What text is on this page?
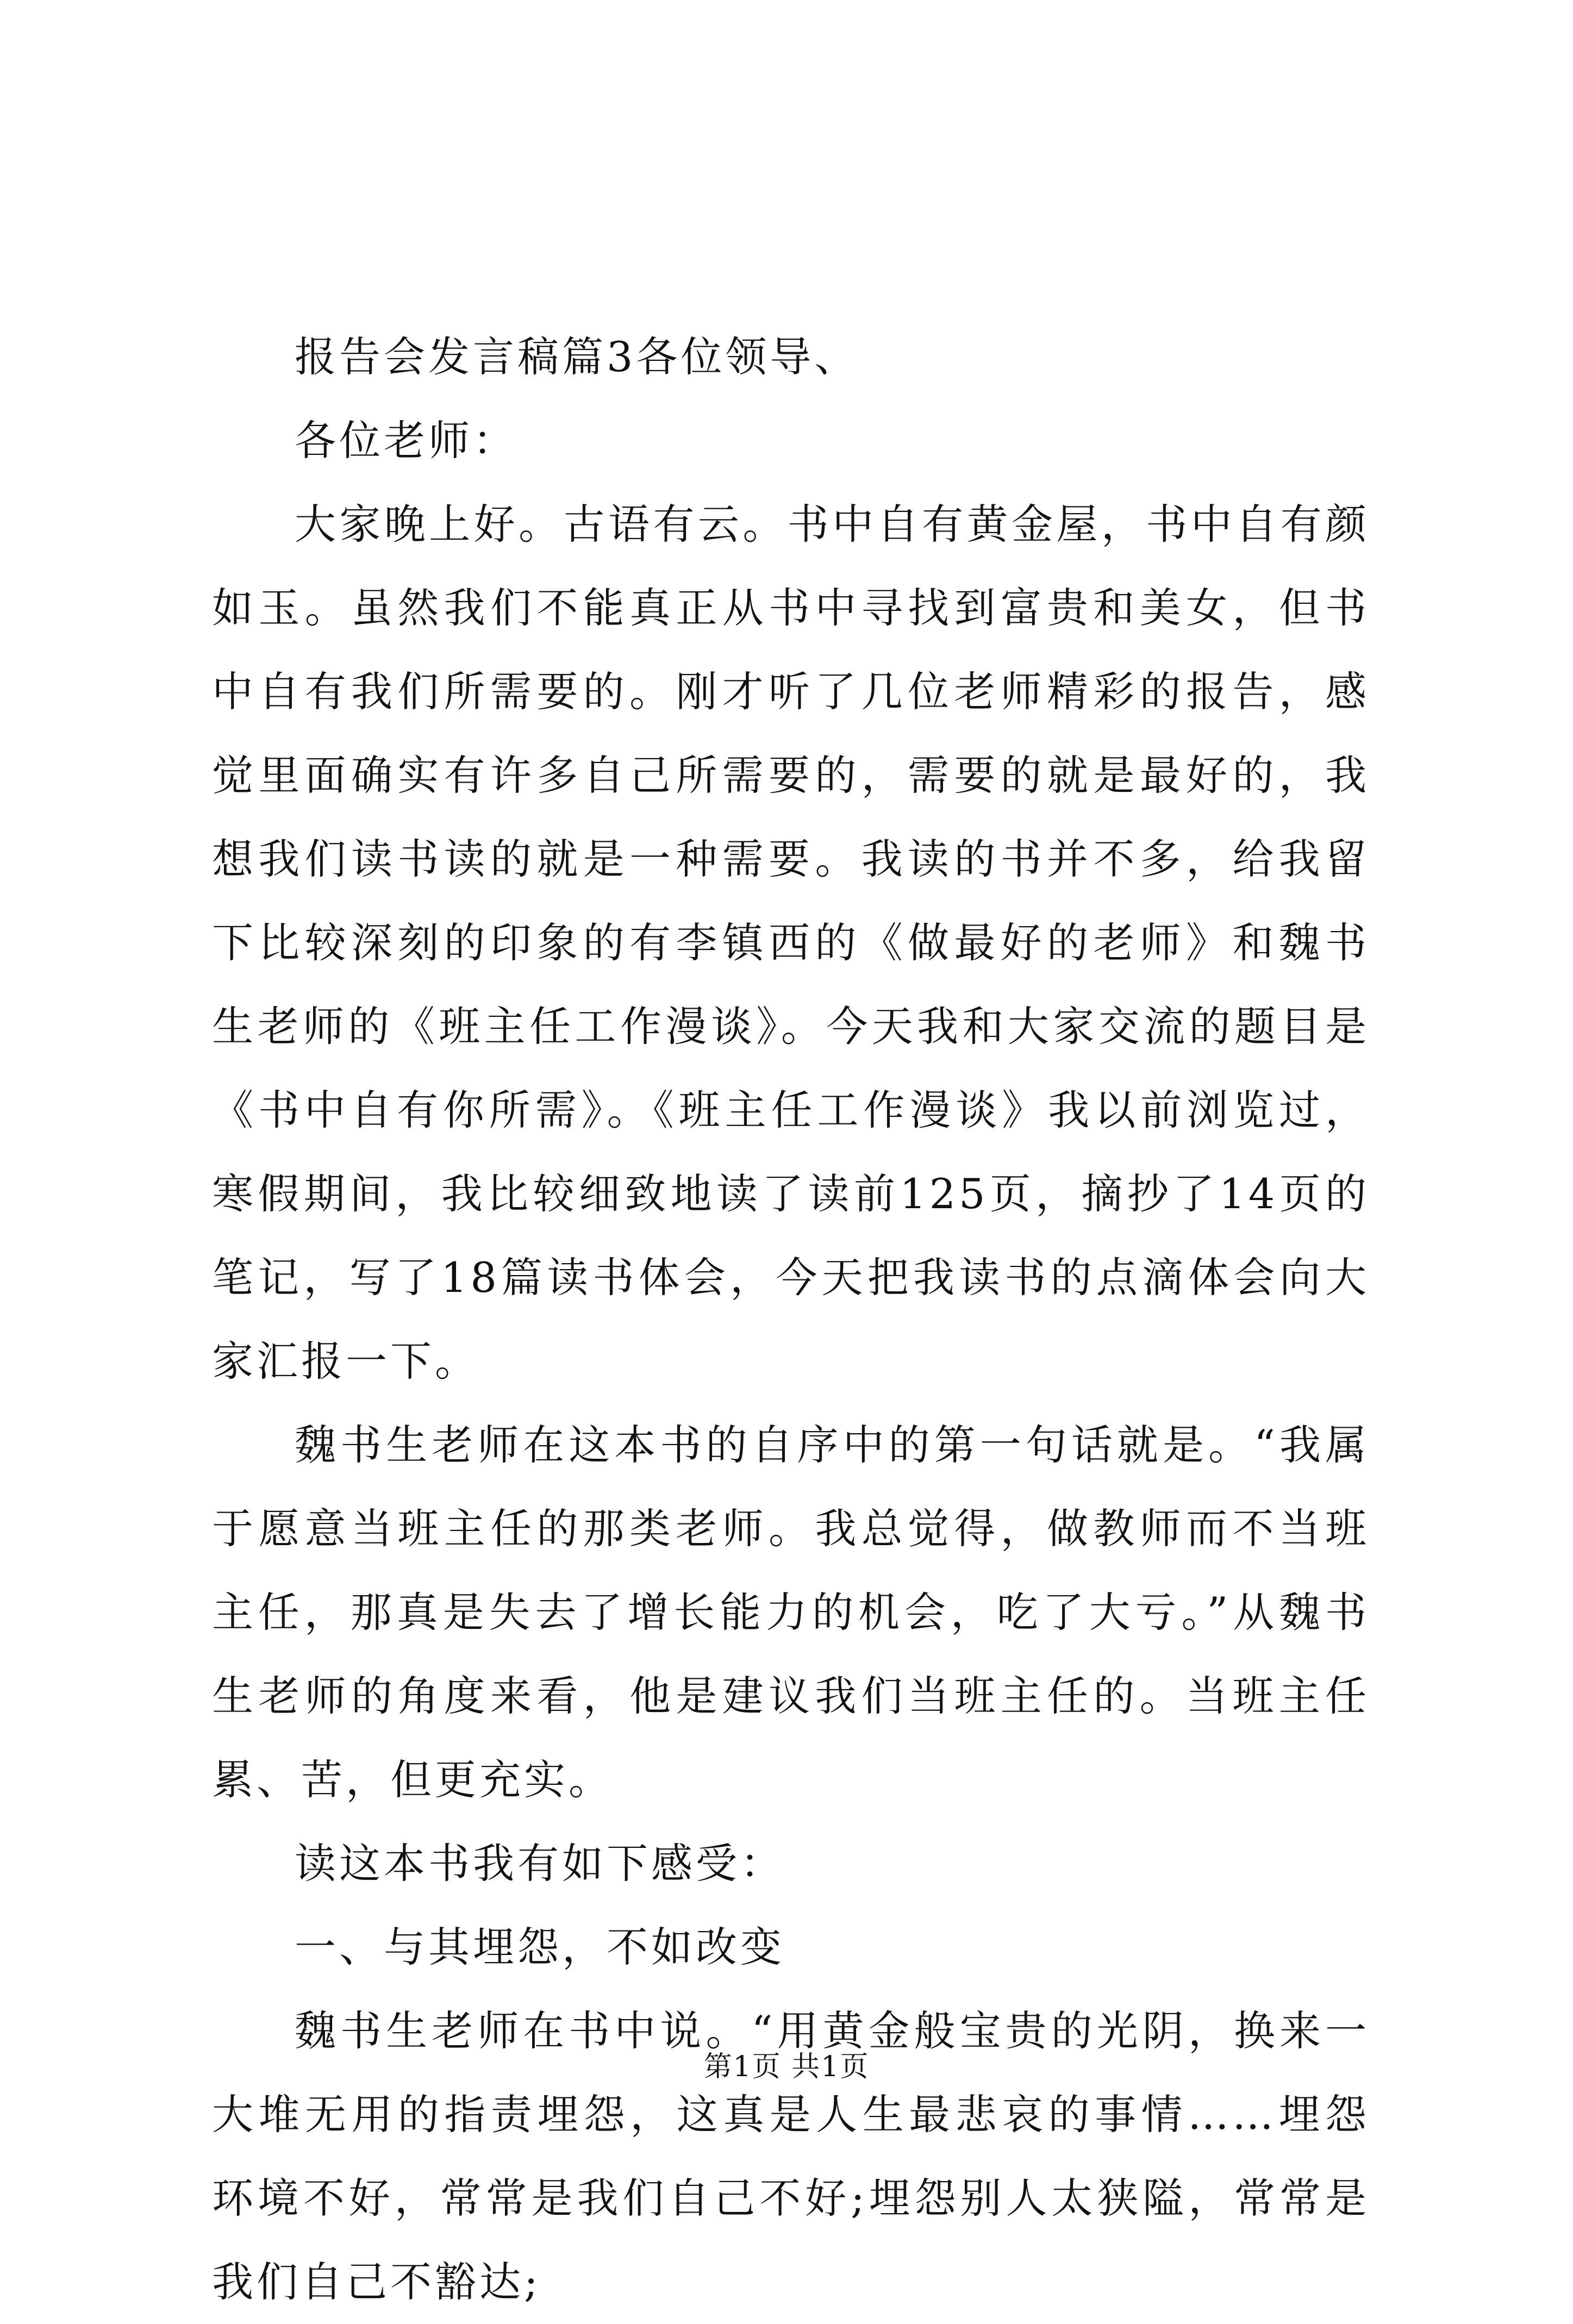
报告会发言稿篇3各位领导、

各位老师：

大家晚上好。古语有云。书中自有黄金屋，书中自有颜如玉。虽然我们不能真正从书中寻找到富贵和美女，但书中自有我们所需要的。刚才听了几位老师精彩的报告，感觉里面确实有许多自己所需要的，需要的就是最好的，我想我们读书读的就是一种需要。我读的书并不多，给我留下比较深刻的印象的有李镇西的《做最好的老师》和魏书生老师的《班主任工作漫谈》。今天我和大家交流的题目是《书中自有你所需》。《班主任工作漫谈》我以前浏览过，寒假期间，我比较细致地读了读前125页，摘抄了14页的笔记，写了18篇读书体会，今天把我读书的点滴体会向大家汇报一下。

魏书生老师在这本书的自序中的第一句话就是。“我属于愿意当班主任的那类老师。我总觉得，做教师而不当班主任，那真是失去了增长能力的机会，吃了大亏。”从魏书生老师的角度来看，他是建议我们当班主任的。当班主任累、苦，但更充实。

读这本书我有如下感受：

一、与其埋怨，不如改变

魏书生老师在书中说。“用黄金般宝贵的光阴，换来一大堆无用的指责埋怨，这真是人生最悲哀的事情……埋怨环境不好，常常是我们自己不好;埋怨别人太狭隘，常常是我们自己不豁达;

第1页 共1页
